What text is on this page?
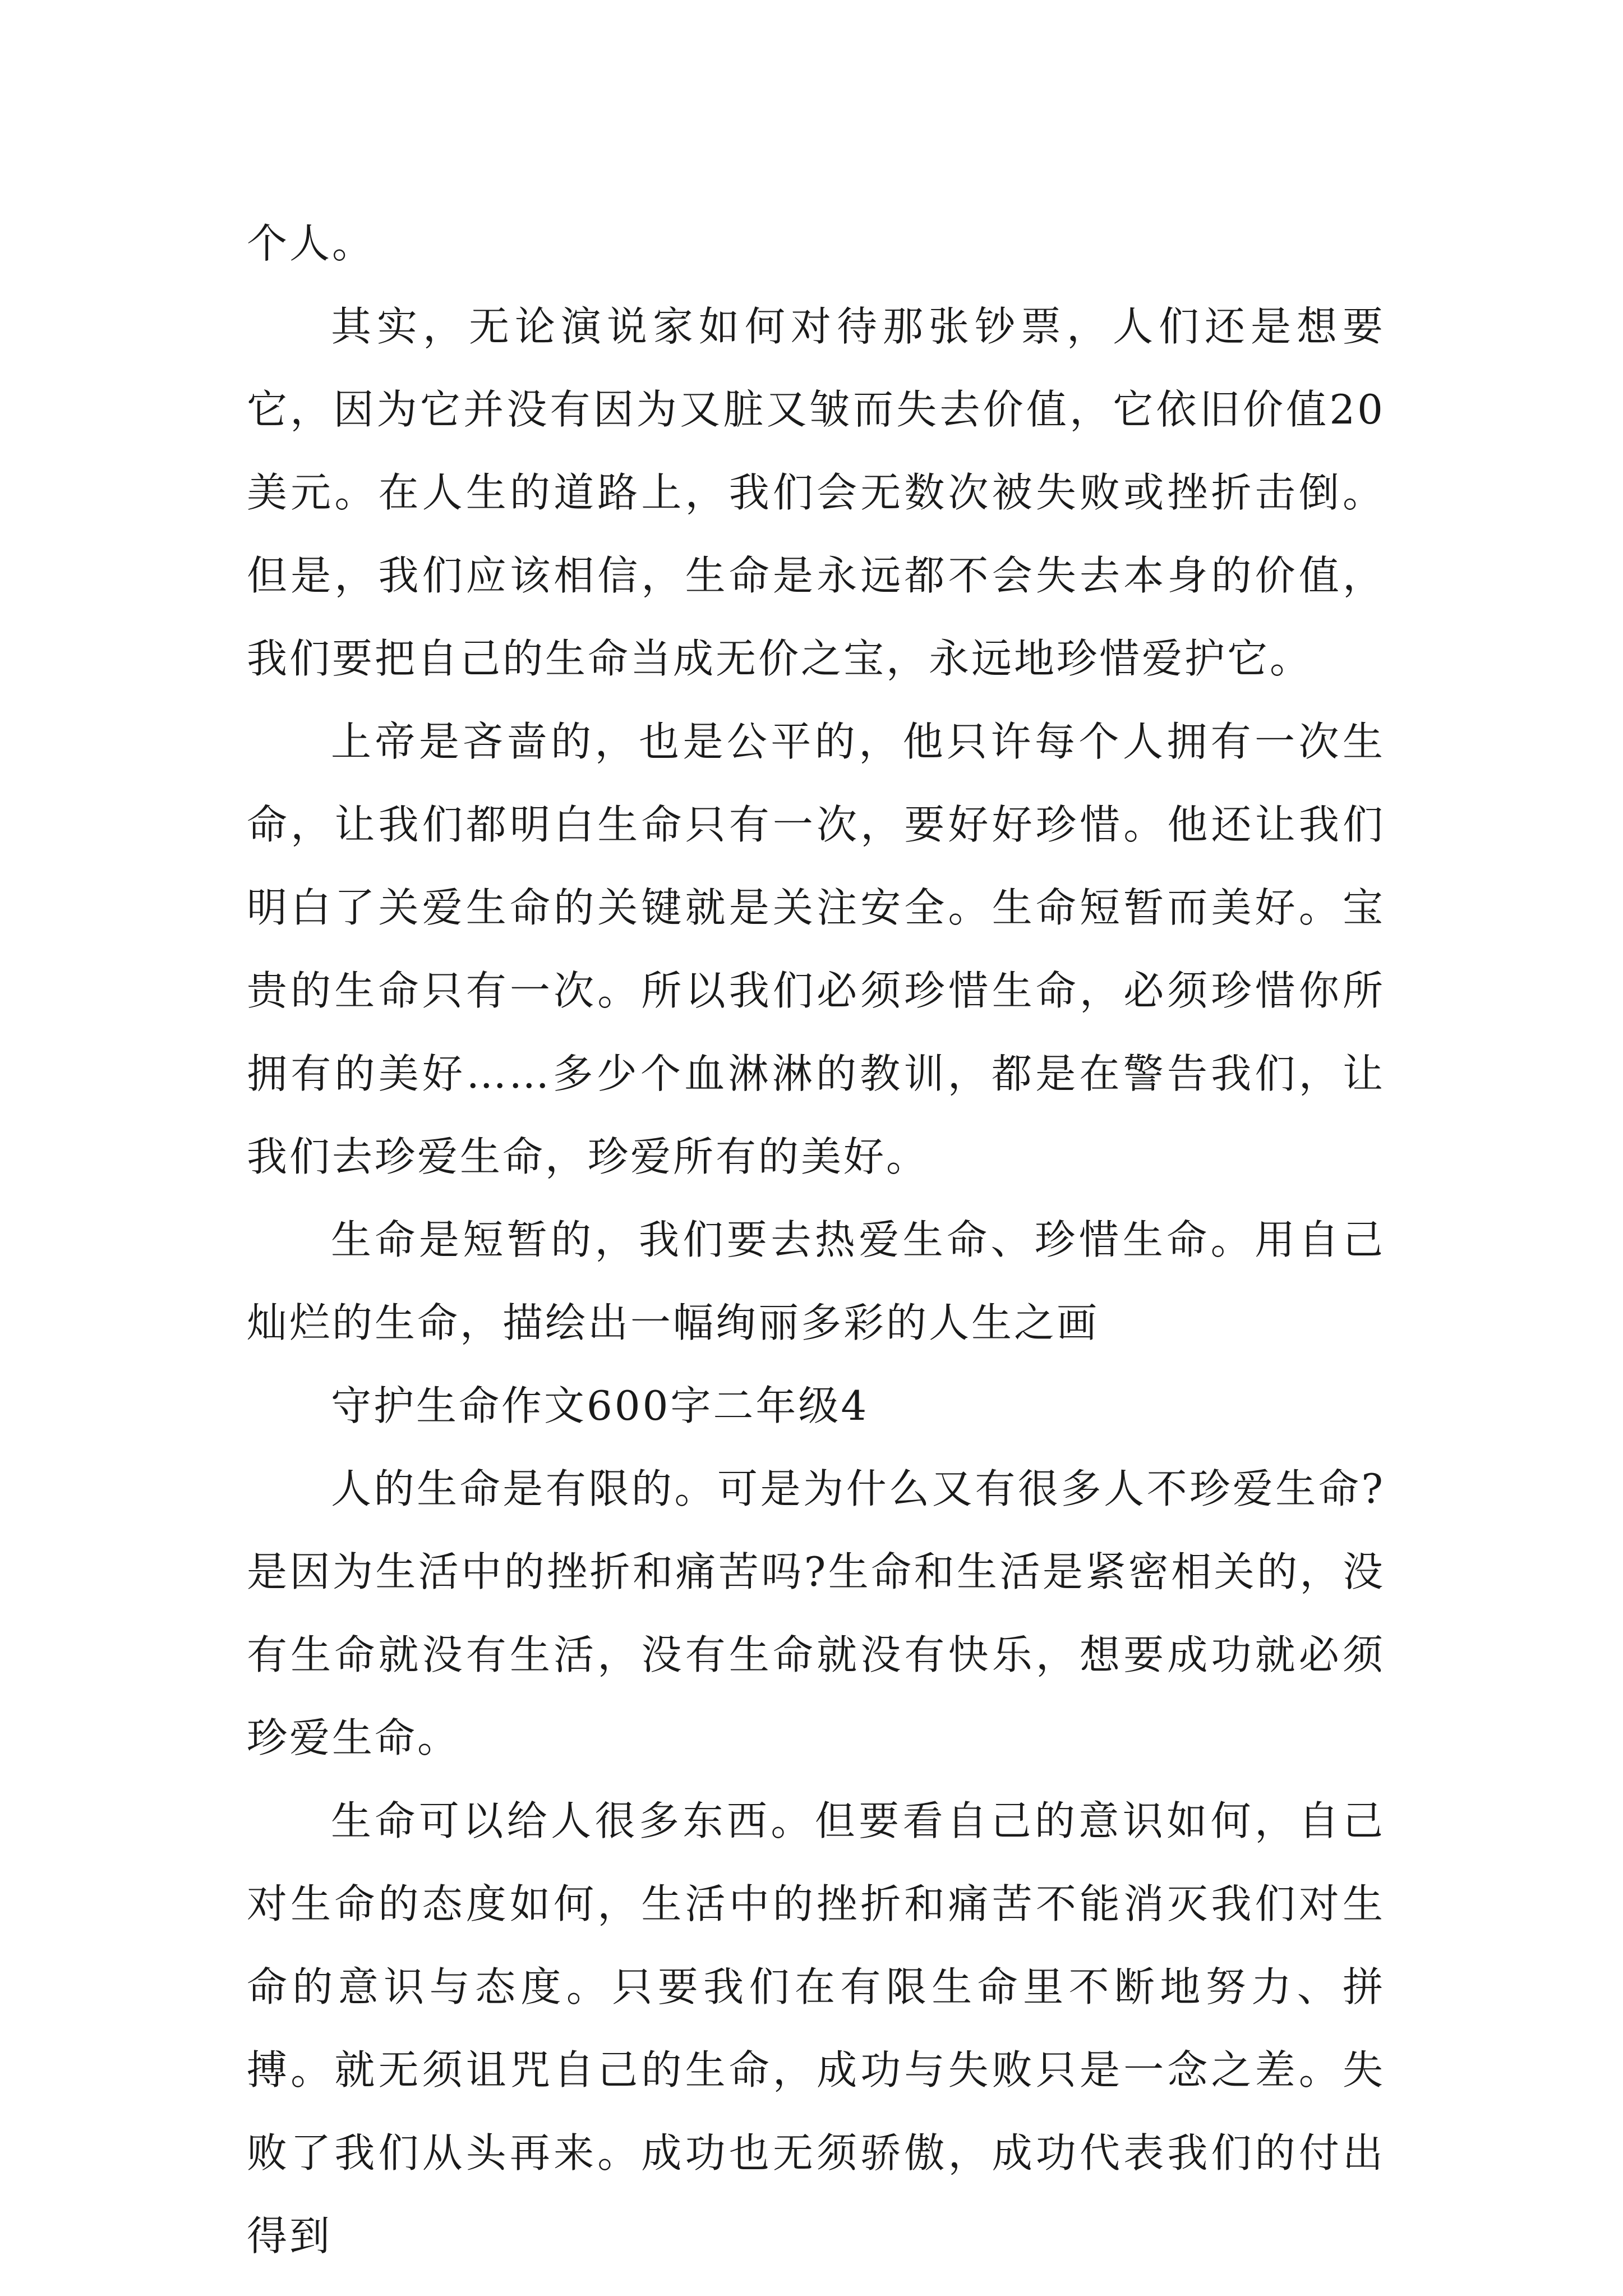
个人。

其实，无论演说家如何对待那张钞票，人们还是想要它，因为它并没有因为又脏又皱而失去价值，它依旧价值20美元。在人生的道路上，我们会无数次被失败或挫折击倒。但是，我们应该相信，生命是永远都不会失去本身的价值，我们要把自己的生命当成无价之宝，永远地珍惜爱护它。

上帝是吝啬的，也是公平的，他只许每个人拥有一次生命，让我们都明白生命只有一次，要好好珍惜。他还让我们明白了关爱生命的关键就是关注安全。生命短暂而美好。宝贵的生命只有一次。所以我们必须珍惜生命，必须珍惜你所拥有的美好……多少个血淋淋的教训，都是在警告我们，让我们去珍爱生命，珍爱所有的美好。

生命是短暂的，我们要去热爱生命、珍惜生命。用自己灿烂的生命，描绘出一幅绚丽多彩的人生之画

守护生命作文600字二年级4

人的生命是有限的。可是为什么又有很多人不珍爱生命?是因为生活中的挫折和痛苦吗?生命和生活是紧密相关的，没有生命就没有生活，没有生命就没有快乐，想要成功就必须珍爱生命。

生命可以给人很多东西。但要看自己的意识如何，自己对生命的态度如何，生活中的挫折和痛苦不能消灭我们对生命的意识与态度。只要我们在有限生命里不断地努力、拼搏。就无须诅咒自己的生命，成功与失败只是一念之差。失败了我们从头再来。成功也无须骄傲，成功代表我们的付出得到
